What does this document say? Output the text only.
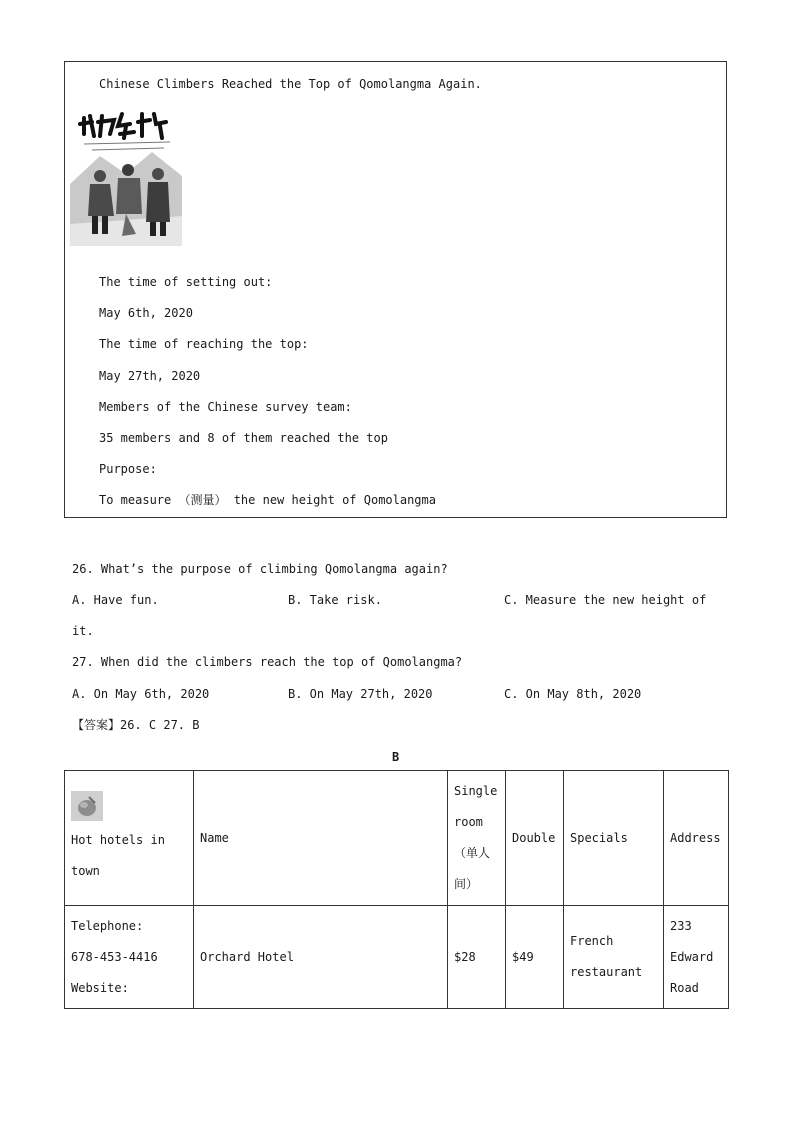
Chinese Climbers Reached the Top of Qomolangma Again.
The time of setting out:
May 6th, 2020
The time of reaching the top:
May 27th, 2020
Members of the Chinese survey team:
35 members and 8 of them reached the top
Purpose:
To measure （测量） the new height of Qomolangma
26. What’s the purpose of climbing Qomolangma again?
A. Have fun.	B. Take risk.	C. Measure the new height of
it.
27. When did the climbers reach the top of Qomolangma?
A. On May 6th, 2020	B. On May 27th, 2020	C. On May 8th, 2020
【答案】26. C 27. B
B
Hot hotels in town	Name	Single room（单人间）	Double	Specials	Address

Telephone:
678-453-4416
Website:	Orchard Hotel	$28	$49	French restaurant	233 Edward Road
